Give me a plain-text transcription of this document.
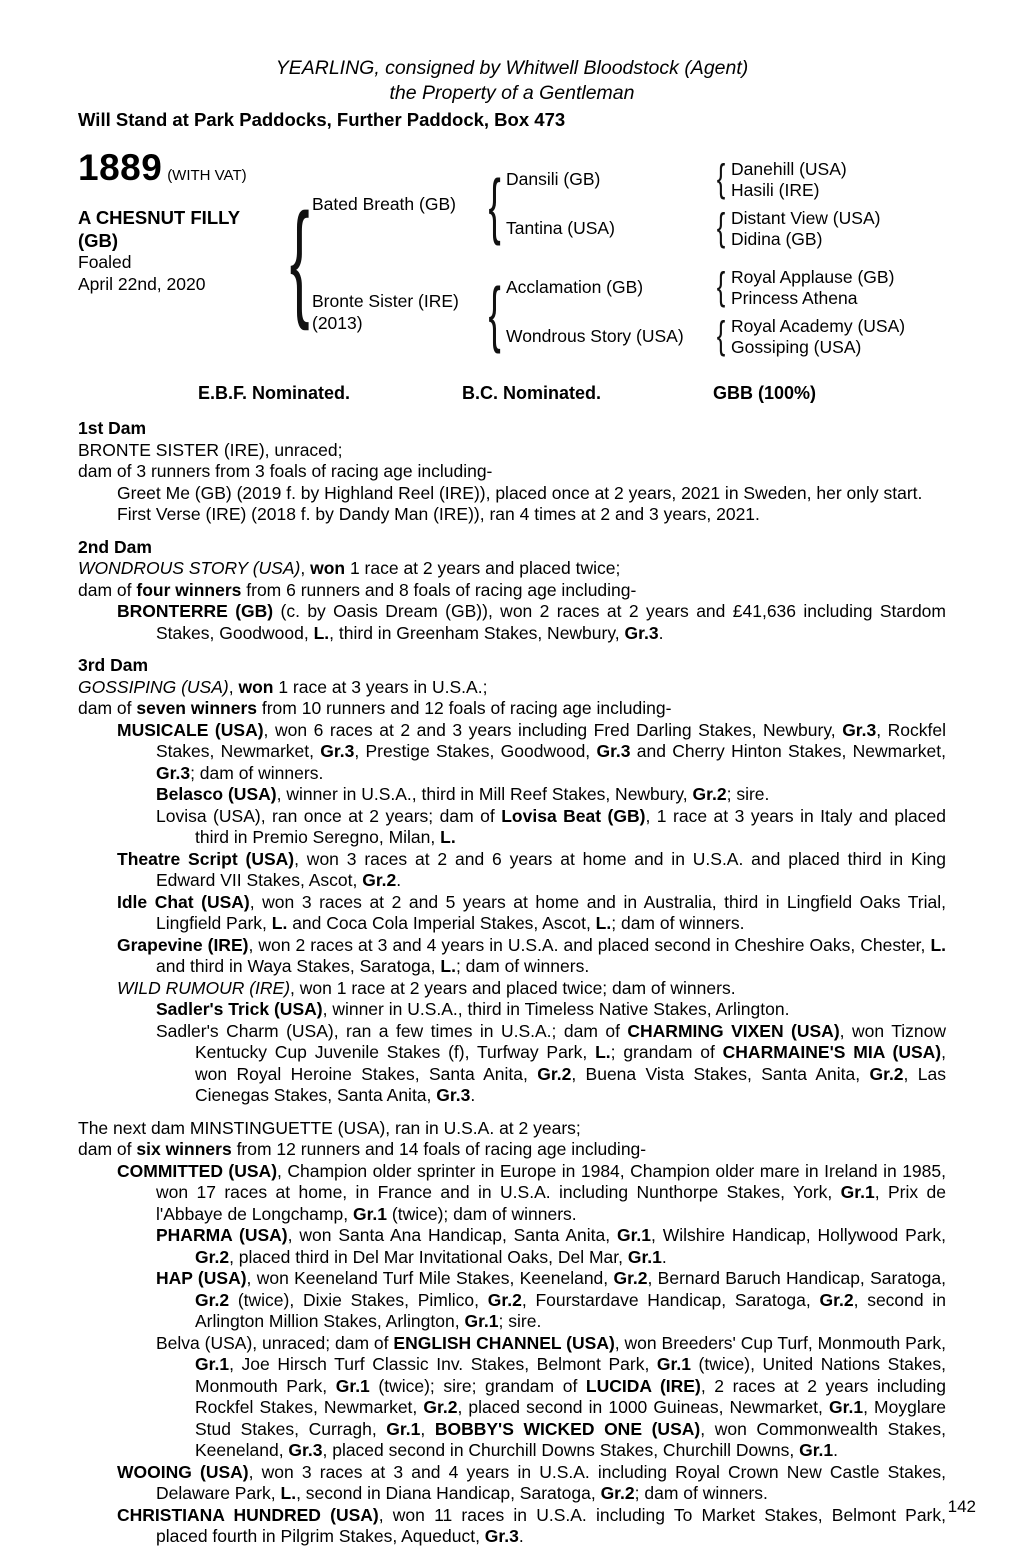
YEARLING, consigned by Whitwell Bloodstock (Agent)
the Property of a Gentleman
Will Stand at Park Paddocks, Further Paddock, Box 473
1889 (WITH VAT)
A CHESNUT FILLY
(GB)
Foaled
April 22nd, 2020
{
Bated Breath (GB)
{
Dansili (GB)
{
Danehill (USA)
Hasili (IRE)
Tantina (USA)
{
Distant View (USA)
Didina (GB)
Bronte Sister (IRE)
(2013)
{
Acclamation (GB)
{
Royal Applause (GB)
Princess Athena
Wondrous Story (USA)
{
Royal Academy (USA)
Gossiping (USA)
E.B.F. Nominated.	B.C. Nominated.	GBB (100%)
1st Dam
BRONTE SISTER (IRE), unraced;
dam of 3 runners from 3 foals of racing age including-
Greet Me (GB) (2019 f. by Highland Reel (IRE)), placed once at 2 years, 2021 in Sweden, her only start.
First Verse (IRE) (2018 f. by Dandy Man (IRE)), ran 4 times at 2 and 3 years, 2021.
2nd Dam
WONDROUS STORY (USA), won 1 race at 2 years and placed twice;
dam of four winners from 6 runners and 8 foals of racing age including-
BRONTERRE (GB) (c. by Oasis Dream (GB)), won 2 races at 2 years and £41,636 including Stardom Stakes, Goodwood, L., third in Greenham Stakes, Newbury, Gr.3.
3rd Dam
GOSSIPING (USA), won 1 race at 3 years in U.S.A.;
dam of seven winners from 10 runners and 12 foals of racing age including-
MUSICALE (USA), won 6 races at 2 and 3 years including Fred Darling Stakes, Newbury, Gr.3, Rockfel Stakes, Newmarket, Gr.3, Prestige Stakes, Goodwood, Gr.3 and Cherry Hinton Stakes, Newmarket, Gr.3; dam of winners.
Belasco (USA), winner in U.S.A., third in Mill Reef Stakes, Newbury, Gr.2; sire.
Lovisa (USA), ran once at 2 years; dam of Lovisa Beat (GB), 1 race at 3 years in Italy and placed third in Premio Seregno, Milan, L.
Theatre Script (USA), won 3 races at 2 and 6 years at home and in U.S.A. and placed third in King Edward VII Stakes, Ascot, Gr.2.
Idle Chat (USA), won 3 races at 2 and 5 years at home and in Australia, third in Lingfield Oaks Trial, Lingfield Park, L. and Coca Cola Imperial Stakes, Ascot, L.; dam of winners.
Grapevine (IRE), won 2 races at 3 and 4 years in U.S.A. and placed second in Cheshire Oaks, Chester, L. and third in Waya Stakes, Saratoga, L.; dam of winners.
WILD RUMOUR (IRE), won 1 race at 2 years and placed twice; dam of winners.
Sadler's Trick (USA), winner in U.S.A., third in Timeless Native Stakes, Arlington.
Sadler's Charm (USA), ran a few times in U.S.A.; dam of CHARMING VIXEN (USA), won Tiznow Kentucky Cup Juvenile Stakes (f), Turfway Park, L.; grandam of CHARMAINE'S MIA (USA), won Royal Heroine Stakes, Santa Anita, Gr.2, Buena Vista Stakes, Santa Anita, Gr.2, Las Cienegas Stakes, Santa Anita, Gr.3.
The next dam MINSTINGUETTE (USA), ran in U.S.A. at 2 years;
dam of six winners from 12 runners and 14 foals of racing age including-
COMMITTED (USA), Champion older sprinter in Europe in 1984, Champion older mare in Ireland in 1985, won 17 races at home, in France and in U.S.A. including Nunthorpe Stakes, York, Gr.1, Prix de l'Abbaye de Longchamp, Gr.1 (twice); dam of winners.
PHARMA (USA), won Santa Ana Handicap, Santa Anita, Gr.1, Wilshire Handicap, Hollywood Park, Gr.2, placed third in Del Mar Invitational Oaks, Del Mar, Gr.1.
HAP (USA), won Keeneland Turf Mile Stakes, Keeneland, Gr.2, Bernard Baruch Handicap, Saratoga, Gr.2 (twice), Dixie Stakes, Pimlico, Gr.2, Fourstardave Handicap, Saratoga, Gr.2, second in Arlington Million Stakes, Arlington, Gr.1; sire.
Belva (USA), unraced; dam of ENGLISH CHANNEL (USA), won Breeders' Cup Turf, Monmouth Park, Gr.1, Joe Hirsch Turf Classic Inv. Stakes, Belmont Park, Gr.1 (twice), United Nations Stakes, Monmouth Park, Gr.1 (twice); sire; grandam of LUCIDA (IRE), 2 races at 2 years including Rockfel Stakes, Newmarket, Gr.2, placed second in 1000 Guineas, Newmarket, Gr.1, Moyglare Stud Stakes, Curragh, Gr.1, BOBBY'S WICKED ONE (USA), won Commonwealth Stakes, Keeneland, Gr.3, placed second in Churchill Downs Stakes, Churchill Downs, Gr.1.
WOOING (USA), won 3 races at 3 and 4 years in U.S.A. including Royal Crown New Castle Stakes, Delaware Park, L., second in Diana Handicap, Saratoga, Gr.2; dam of winners.
CHRISTIANA HUNDRED (USA), won 11 races in U.S.A. including To Market Stakes, Belmont Park, placed fourth in Pilgrim Stakes, Aqueduct, Gr.3.
142
